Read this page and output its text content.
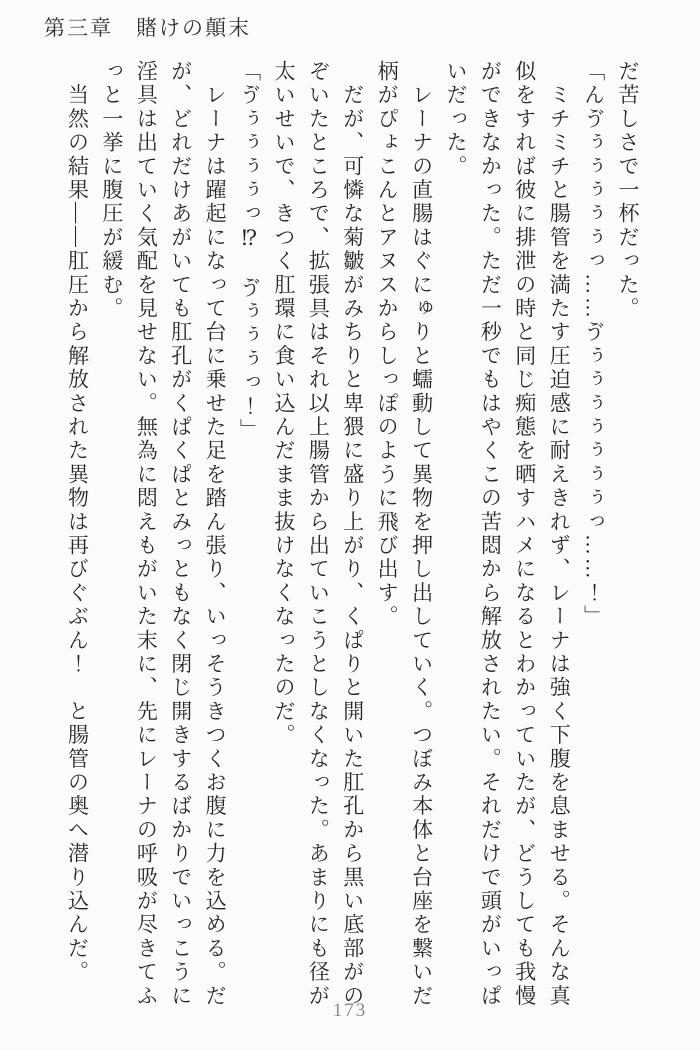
第三章　賭けの顛末

だ苦しさで一杯だった。

「んゔぅぅぅぅぅっ……ゔぅぅぅぅぅぅぅっ……！」

　ミチミチと腸管を満たす圧迫感に耐えきれず、レーナは強く下腹を息ませる。そんな真似をすれば彼に排泄の時と同じ痴態を晒すハメになるとわかっていたが、どうしても我慢ができなかった。ただ一秒でもはやくこの苦悶から解放されたい。それだけで頭がいっぱいだった。

　レーナの直腸はぐにゅりと蠕動して異物を押し出していく。つぼみ本体と台座を繋いだ柄がぴょこんとアヌスからしっぽのように飛び出す。

　だが、可憐な菊皺がみちりと卑猥に盛り上がり、くぱりと開いた肛孔から黒い底部がのぞいたところで、拡張具はそれ以上腸管から出ていこうとしなくなった。あまりにも径が太いせいで、きつく肛環に食い込んだまま抜けなくなったのだ。

「ゔぅぅぅぅっ⁉　ゔぅぅぅっ！」

　レーナは躍起になって台に乗せた足を踏ん張り、いっそうきつくお腹に力を込める。だが、どれだけあがいても肛孔がくぱくぱとみっともなく閉じ開きするばかりでいっこうに淫具は出ていく気配を見せない。無為に悶えもがいた末に、先にレーナの呼吸が尽きてふっと一挙に腹圧が緩む。

　当然の結果――肛圧から解放された異物は再びぐぶん！　と腸管の奥へ潜り込んだ。

173
